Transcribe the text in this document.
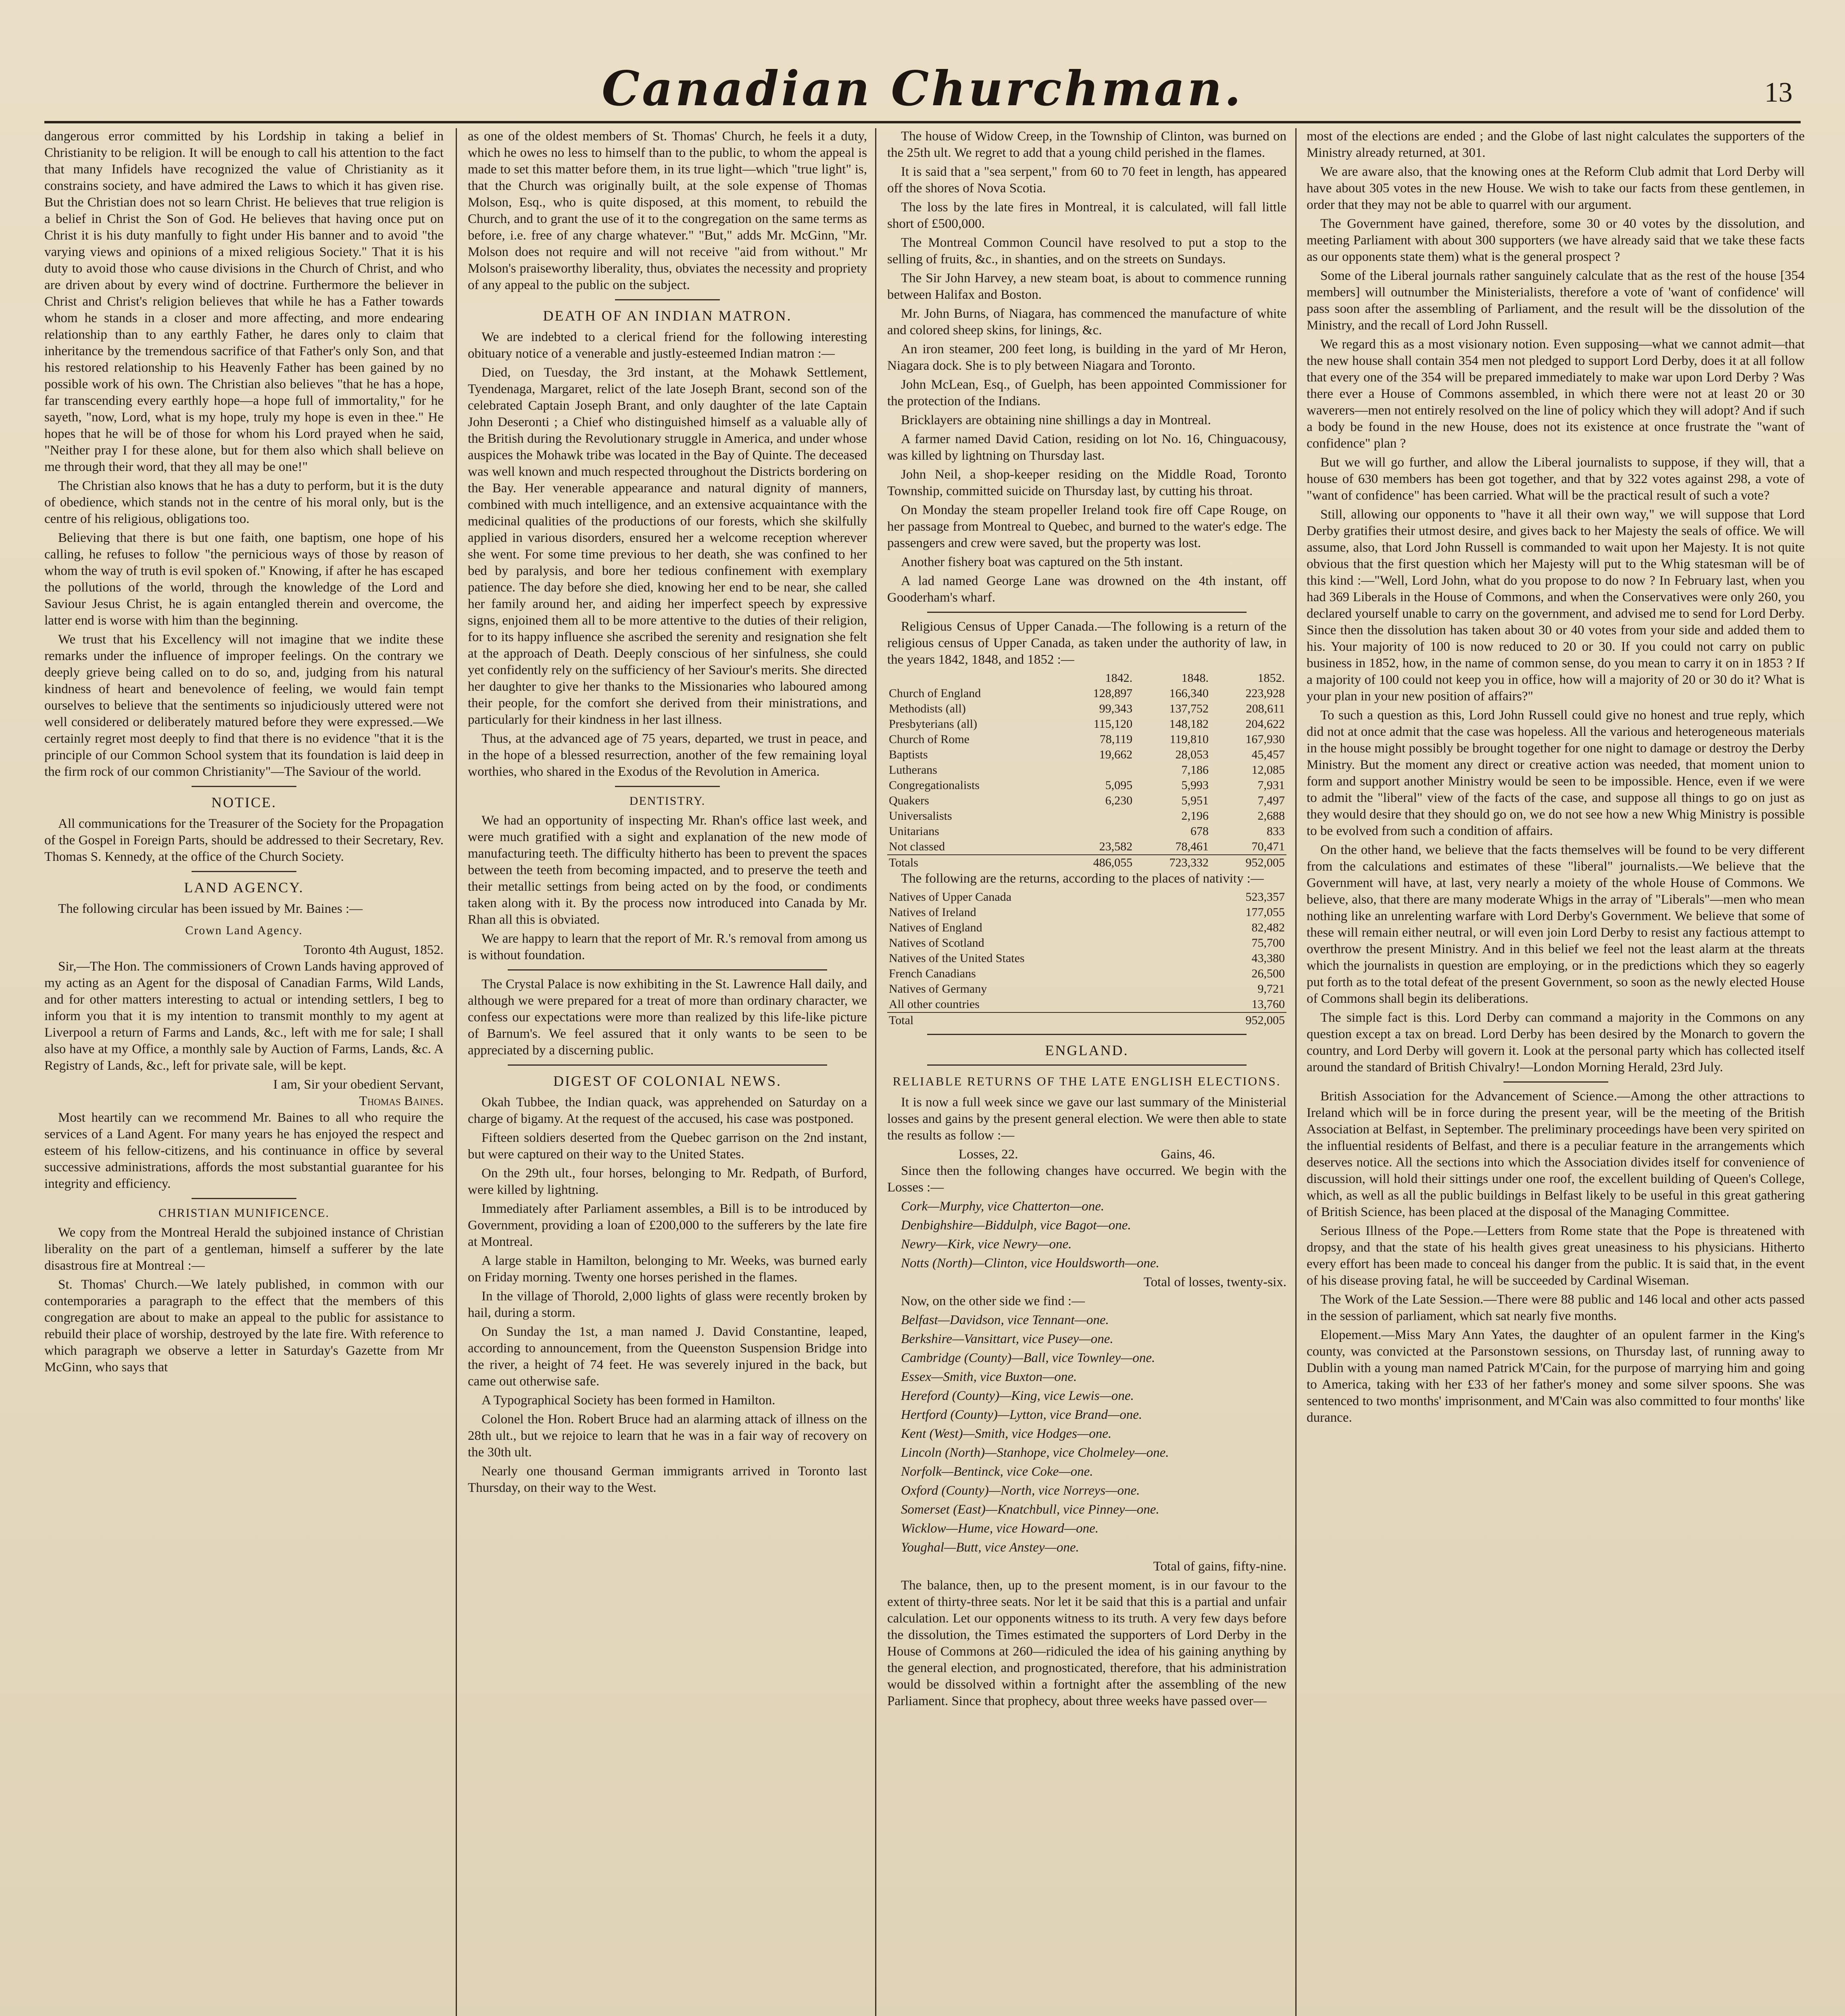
Canadian Churchman.	13

dangerous error committed by his Lordship in taking a belief in Christianity to be religion. It will be enough to call his attention to the fact that many Infidels have recognized the value of Christianity as it constrains society, and have admired the Laws to which it has given rise. But the Christian does not so learn Christ. He believes that true religion is a belief in Christ the Son of God. He believes that having once put on Christ it is his duty manfully to fight under His banner and to avoid "the varying views and opinions of a mixed religious Society." That it is his duty to avoid those who cause divisions in the Church of Christ, and who are driven about by every wind of doctrine. Furthermore the believer in Christ and Christ's religion believes that while he has a Father towards whom he stands in a closer and more affecting, and more endearing relationship than to any earthly Father, he dares only to claim that inheritance by the tremendous sacrifice of that Father's only Son, and that his restored relationship to his Heavenly Father has been gained by no possible work of his own. The Christian also believes "that he has a hope, far transcending every earthly hope—a hope full of immortality," for he sayeth, "now, Lord, what is my hope, truly my hope is even in thee." He hopes that he will be of those for whom his Lord prayed when he said, "Neither pray I for these alone, but for them also which shall believe on me through their word, that they all may be one!"

The Christian also knows that he has a duty to perform, but it is the duty of obedience, which stands not in the centre of his moral only, but is the centre of his religious, obligations too.

Believing that there is but one faith, one baptism, one hope of his calling, he refuses to follow "the pernicious ways of those by reason of whom the way of truth is evil spoken of." Knowing, if after he has escaped the pollutions of the world, through the knowledge of the Lord and Saviour Jesus Christ, he is again entangled therein and overcome, the latter end is worse with him than the beginning.

We trust that his Excellency will not imagine that we indite these remarks under the influence of improper feelings. On the contrary we deeply grieve being called on to do so, and, judging from his natural kindness of heart and benevolence of feeling, we would fain tempt ourselves to believe that the sentiments so injudiciously uttered were not well considered or deliberately matured before they were expressed.—We certainly regret most deeply to find that there is no evidence "that it is the principle of our Common School system that its foundation is laid deep in the firm rock of our common Christianity"—The Saviour of the world.

NOTICE.

All communications for the Treasurer of the Society for the Propagation of the Gospel in Foreign Parts, should be addressed to their Secretary, Rev. Thomas S. Kennedy, at the office of the Church Society.

LAND AGENCY.

The following circular has been issued by Mr. Baines :—

Crown Land Agency.
Toronto 4th August, 1852.

Sir,—The Hon. The commissioners of Crown Lands having approved of my acting as an Agent for the disposal of Canadian Farms, Wild Lands, and for other matters interesting to actual or intending settlers, I beg to inform you that it is my intention to transmit monthly to my agent at Liverpool a return of Farms and Lands, &c., left with me for sale; I shall also have at my Office, a monthly sale by Auction of Farms, Lands, &c. A Registry of Lands, &c., left for private sale, will be kept.

I am, Sir your obedient Servant,
Thomas Baines.

Most heartily can we recommend Mr. Baines to all who require the services of a Land Agent. For many years he has enjoyed the respect and esteem of his fellow-citizens, and his continuance in office by several successive administrations, affords the most substantial guarantee for his integrity and efficiency.

CHRISTIAN MUNIFICENCE.

We copy from the Montreal Herald the subjoined instance of Christian liberality on the part of a gentleman, himself a sufferer by the late disastrous fire at Montreal :—

St. Thomas' Church.—We lately published, in common with our contemporaries a paragraph to the effect that the members of this congregation are about to make an appeal to the public for assistance to rebuild their place of worship, destroyed by the late fire. With reference to which paragraph we observe a letter in Saturday's Gazette from Mr McGinn, who says that

as one of the oldest members of St. Thomas' Church, he feels it a duty, which he owes no less to himself than to the public, to whom the appeal is made to set this matter before them, in its true light—which "true light" is, that the Church was originally built, at the sole expense of Thomas Molson, Esq., who is quite disposed, at this moment, to rebuild the Church, and to grant the use of it to the congregation on the same terms as before, i.e. free of any charge whatever." "But," adds Mr. McGinn, "Mr. Molson does not require and will not receive "aid from without." Mr Molson's praiseworthy liberality, thus, obviates the necessity and propriety of any appeal to the public on the subject.

DEATH OF AN INDIAN MATRON.

We are indebted to a clerical friend for the following interesting obituary notice of a venerable and justly-esteemed Indian matron :—

Died, on Tuesday, the 3rd instant, at the Mohawk Settlement, Tyendenaga, Margaret, relict of the late Joseph Brant, second son of the celebrated Captain Joseph Brant, and only daughter of the late Captain John Deseronti ; a Chief who distinguished himself as a valuable ally of the British during the Revolutionary struggle in America, and under whose auspices the Mohawk tribe was located in the Bay of Quinte. The deceased was well known and much respected throughout the Districts bordering on the Bay. Her venerable appearance and natural dignity of manners, combined with much intelligence, and an extensive acquaintance with the medicinal qualities of the productions of our forests, which she skilfully applied in various disorders, ensured her a welcome reception wherever she went. For some time previous to her death, she was confined to her bed by paralysis, and bore her tedious confinement with exemplary patience. The day before she died, knowing her end to be near, she called her family around her, and aiding her imperfect speech by expressive signs, enjoined them all to be more attentive to the duties of their religion, for to its happy influence she ascribed the serenity and resignation she felt at the approach of Death. Deeply conscious of her sinfulness, she could yet confidently rely on the sufficiency of her Saviour's merits. She directed her daughter to give her thanks to the Missionaries who laboured among their people, for the comfort she derived from their ministrations, and particularly for their kindness in her last illness.

Thus, at the advanced age of 75 years, departed, we trust in peace, and in the hope of a blessed resurrection, another of the few remaining loyal worthies, who shared in the Exodus of the Revolution in America.

DENTISTRY.

We had an opportunity of inspecting Mr. Rhan's office last week, and were much gratified with a sight and explanation of the new mode of manufacturing teeth. The difficulty hitherto has been to prevent the spaces between the teeth from becoming impacted, and to preserve the teeth and their metallic settings from being acted on by the food, or condiments taken along with it. By the process now introduced into Canada by Mr. Rhan all this is obviated.

We are happy to learn that the report of Mr. R.'s removal from among us is without foundation.

The Crystal Palace is now exhibiting in the St. Lawrence Hall daily, and although we were prepared for a treat of more than ordinary character, we confess our expectations were more than realized by this life-like picture of Barnum's. We feel assured that it only wants to be seen to be appreciated by a discerning public.

DIGEST OF COLONIAL NEWS.

Okah Tubbee, the Indian quack, was apprehended on Saturday on a charge of bigamy. At the request of the accused, his case was postponed.

Fifteen soldiers deserted from the Quebec garrison on the 2nd instant, but were captured on their way to the United States.

On the 29th ult., four horses, belonging to Mr. Redpath, of Burford, were killed by lightning.

Immediately after Parliament assembles, a Bill is to be introduced by Government, providing a loan of £200,000 to the sufferers by the late fire at Montreal.

A large stable in Hamilton, belonging to Mr. Weeks, was burned early on Friday morning. Twenty one horses perished in the flames.

In the village of Thorold, 2,000 lights of glass were recently broken by hail, during a storm.

On Sunday the 1st, a man named J. David Constantine, leaped, according to announcement, from the Queenston Suspension Bridge into the river, a height of 74 feet. He was severely injured in the back, but came out otherwise safe.

A Typographical Society has been formed in Hamilton.

Colonel the Hon. Robert Bruce had an alarming attack of illness on the 28th ult., but we rejoice to learn that he was in a fair way of recovery on the 30th ult.

Nearly one thousand German immigrants arrived in Toronto last Thursday, on their way to the West.

The house of Widow Creep, in the Township of Clinton, was burned on the 25th ult. We regret to add that a young child perished in the flames.

It is said that a "sea serpent," from 60 to 70 feet in length, has appeared off the shores of Nova Scotia.

The loss by the late fires in Montreal, it is calculated, will fall little short of £500,000.

The Montreal Common Council have resolved to put a stop to the selling of fruits, &c., in shanties, and on the streets on Sundays.

The Sir John Harvey, a new steam boat, is about to commence running between Halifax and Boston.

Mr. John Burns, of Niagara, has commenced the manufacture of white and colored sheep skins, for linings, &c.

An iron steamer, 200 feet long, is building in the yard of Mr Heron, Niagara dock. She is to ply between Niagara and Toronto.

John McLean, Esq., of Guelph, has been appointed Commissioner for the protection of the Indians.

Bricklayers are obtaining nine shillings a day in Montreal.

A farmer named David Cation, residing on lot No. 16, Chinguacousy, was killed by lightning on Thursday last.

John Neil, a shop-keeper residing on the Middle Road, Toronto Township, committed suicide on Thursday last, by cutting his throat.

On Monday the steam propeller Ireland took fire off Cape Rouge, on her passage from Montreal to Quebec, and burned to the water's edge. The passengers and crew were saved, but the property was lost.

Another fishery boat was captured on the 5th instant.

A lad named George Lane was drowned on the 4th instant, off Gooderham's wharf.

Religious Census of Upper Canada.—The following is a return of the religious census of Upper Canada, as taken under the authority of law, in the years 1842, 1848, and 1852 :—

	1842.	1848.	1852.
Church of England	128,897	166,340	223,928
Methodists (all)	99,343	137,752	208,611
Presbyterians (all)	115,120	148,182	204,622
Church of Rome	78,119	119,810	167,930
Baptists	19,662	28,053	45,457
Lutherans		7,186	12,085
Congregationalists	5,095	5,993	7,931
Quakers	6,230	5,951	7,497
Universalists		2,196	2,688
Unitarians		678	833
Not classed	23,582	78,461	70,471
Totals	486,055	723,332	952,005

The following are the returns, according to the places of nativity :—

Natives of Upper Canada	523,357
Natives of Ireland	177,055
Natives of England	82,482
Natives of Scotland	75,700
Natives of the United States	43,380
French Canadians	26,500
Natives of Germany	9,721
All other countries	13,760
Total	952,005
ENGLAND.
RELIABLE RETURNS OF THE LATE ENGLISH ELECTIONS.

It is now a full week since we gave our last summary of the Ministerial losses and gains by the present general election. We were then able to state the results as follow :—

Losses, 22.	Gains, 46.

Since then the following changes have occurred. We begin with the Losses :—

Cork—Murphy, vice Chatterton—one.

Denbighshire—Biddulph, vice Bagot—one.

Newry—Kirk, vice Newry—one.

Notts (North)—Clinton, vice Houldsworth—one.

Total of losses, twenty-six.

Now, on the other side we find :—

Belfast—Davidson, vice Tennant—one.

Berkshire—Vansittart, vice Pusey—one.

Cambridge (County)—Ball, vice Townley—one.

Essex—Smith, vice Buxton—one.

Hereford (County)—King, vice Lewis—one.

Hertford (County)—Lytton, vice Brand—one.

Kent (West)—Smith, vice Hodges—one.

Lincoln (North)—Stanhope, vice Cholmeley—one.

Norfolk—Bentinck, vice Coke—one.

Oxford (County)—North, vice Norreys—one.

Somerset (East)—Knatchbull, vice Pinney—one.

Wicklow—Hume, vice Howard—one.

Youghal—Butt, vice Anstey—one.

Total of gains, fifty-nine.

The balance, then, up to the present moment, is in our favour to the extent of thirty-three seats. Nor let it be said that this is a partial and unfair calculation. Let our opponents witness to its truth. A very few days before the dissolution, the Times estimated the supporters of Lord Derby in the House of Commons at 260—ridiculed the idea of his gaining anything by the general election, and prognosticated, therefore, that his administration would be dissolved within a fortnight after the assembling of the new Parliament. Since that prophecy, about three weeks have passed over—

most of the elections are ended ; and the Globe of last night calculates the supporters of the Ministry already returned, at 301.

We are aware also, that the knowing ones at the Reform Club admit that Lord Derby will have about 305 votes in the new House. We wish to take our facts from these gentlemen, in order that they may not be able to quarrel with our argument.

The Government have gained, therefore, some 30 or 40 votes by the dissolution, and meeting Parliament with about 300 supporters (we have already said that we take these facts as our opponents state them) what is the general prospect ?

Some of the Liberal journals rather sanguinely calculate that as the rest of the house [354 members] will outnumber the Ministerialists, therefore a vote of 'want of confidence' will pass soon after the assembling of Parliament, and the result will be the dissolution of the Ministry, and the recall of Lord John Russell.

We regard this as a most visionary notion. Even supposing—what we cannot admit—that the new house shall contain 354 men not pledged to support Lord Derby, does it at all follow that every one of the 354 will be prepared immediately to make war upon Lord Derby ? Was there ever a House of Commons assembled, in which there were not at least 20 or 30 waverers—men not entirely resolved on the line of policy which they will adopt? And if such a body be found in the new House, does not its existence at once frustrate the "want of confidence" plan ?

But we will go further, and allow the Liberal journalists to suppose, if they will, that a house of 630 members has been got together, and that by 322 votes against 298, a vote of "want of confidence" has been carried. What will be the practical result of such a vote?

Still, allowing our opponents to "have it all their own way," we will suppose that Lord Derby gratifies their utmost desire, and gives back to her Majesty the seals of office. We will assume, also, that Lord John Russell is commanded to wait upon her Majesty. It is not quite obvious that the first question which her Majesty will put to the Whig statesman will be of this kind :—"Well, Lord John, what do you propose to do now ? In February last, when you had 369 Liberals in the House of Commons, and when the Conservatives were only 260, you declared yourself unable to carry on the government, and advised me to send for Lord Derby. Since then the dissolution has taken about 30 or 40 votes from your side and added them to his. Your majority of 100 is now reduced to 20 or 30. If you could not carry on public business in 1852, how, in the name of common sense, do you mean to carry it on in 1853 ? If a majority of 100 could not keep you in office, how will a majority of 20 or 30 do it? What is your plan in your new position of affairs?"

To such a question as this, Lord John Russell could give no honest and true reply, which did not at once admit that the case was hopeless. All the various and heterogeneous materials in the house might possibly be brought together for one night to damage or destroy the Derby Ministry. But the moment any direct or creative action was needed, that moment union to form and support another Ministry would be seen to be impossible. Hence, even if we were to admit the "liberal" view of the facts of the case, and suppose all things to go on just as they would desire that they should go on, we do not see how a new Whig Ministry is possible to be evolved from such a condition of affairs.

On the other hand, we believe that the facts themselves will be found to be very different from the calculations and estimates of these "liberal" journalists.—We believe that the Government will have, at last, very nearly a moiety of the whole House of Commons. We believe, also, that there are many moderate Whigs in the array of "Liberals"—men who mean nothing like an unrelenting warfare with Lord Derby's Government. We believe that some of these will remain either neutral, or will even join Lord Derby to resist any factious attempt to overthrow the present Ministry. And in this belief we feel not the least alarm at the threats which the journalists in question are employing, or in the predictions which they so eagerly put forth as to the total defeat of the present Government, so soon as the newly elected House of Commons shall begin its deliberations.

The simple fact is this. Lord Derby can command a majority in the Commons on any question except a tax on bread. Lord Derby has been desired by the Monarch to govern the country, and Lord Derby will govern it. Look at the personal party which has collected itself around the standard of British Chivalry!—London Morning Herald, 23rd July.

British Association for the Advancement of Science.—Among the other attractions to Ireland which will be in force during the present year, will be the meeting of the British Association at Belfast, in September. The preliminary proceedings have been very spirited on the influential residents of Belfast, and there is a peculiar feature in the arrangements which deserves notice. All the sections into which the Association divides itself for convenience of discussion, will hold their sittings under one roof, the excellent building of Queen's College, which, as well as all the public buildings in Belfast likely to be useful in this great gathering of British Science, has been placed at the disposal of the Managing Committee.

Serious Illness of the Pope.—Letters from Rome state that the Pope is threatened with dropsy, and that the state of his health gives great uneasiness to his physicians. Hitherto every effort has been made to conceal his danger from the public. It is said that, in the event of his disease proving fatal, he will be succeeded by Cardinal Wiseman.

The Work of the Late Session.—There were 88 public and 146 local and other acts passed in the session of parliament, which sat nearly five months.

Elopement.—Miss Mary Ann Yates, the daughter of an opulent farmer in the King's county, was convicted at the Parsonstown sessions, on Thursday last, of running away to Dublin with a young man named Patrick M'Cain, for the purpose of marrying him and going to America, taking with her £33 of her father's money and some silver spoons. She was sentenced to two months' imprisonment, and M'Cain was also committed to four months' like durance.
